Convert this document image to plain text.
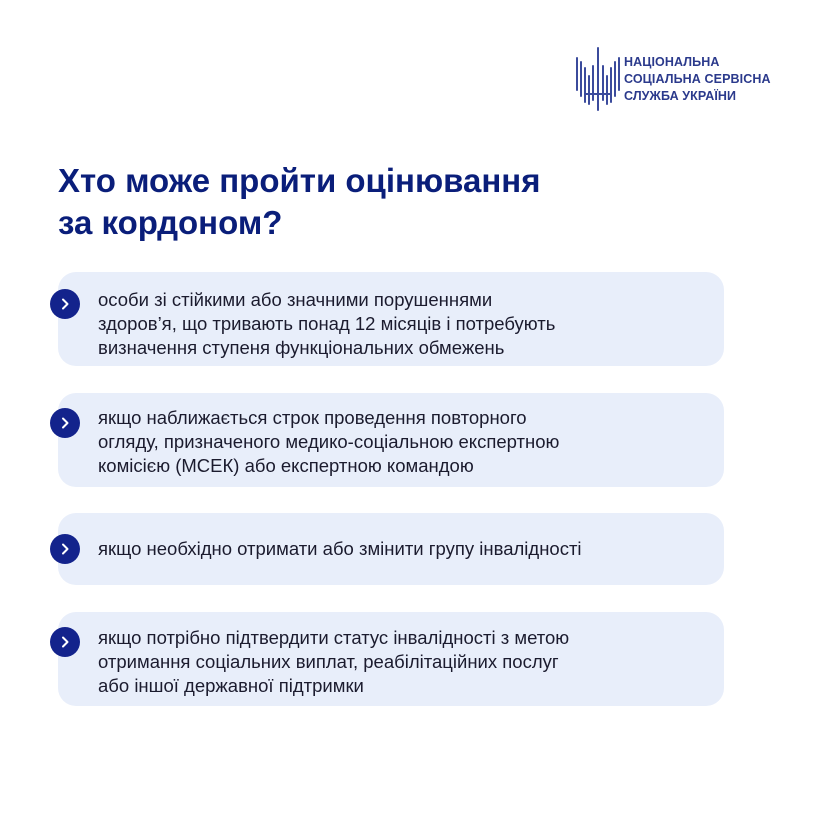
НАЦІОНАЛЬНА
СОЦІАЛЬНА СЕРВІСНА
СЛУЖБА УКРАЇНИ
Хто може пройти оцінювання
за кордоном?
особи зі стійкими або значними порушеннями
здоров’я, що тривають понад 12 місяців і потребують
визначення ступеня функціональних обмежень
якщо наближається строк проведення повторного
огляду, призначеного медико-соціальною експертною
комісією (МСЕК) або експертною командою
якщо необхідно отримати або змінити групу інвалідності
якщо потрібно підтвердити статус інвалідності з метою
отримання соціальних виплат, реабілітаційних послуг
або іншої державної підтримки
